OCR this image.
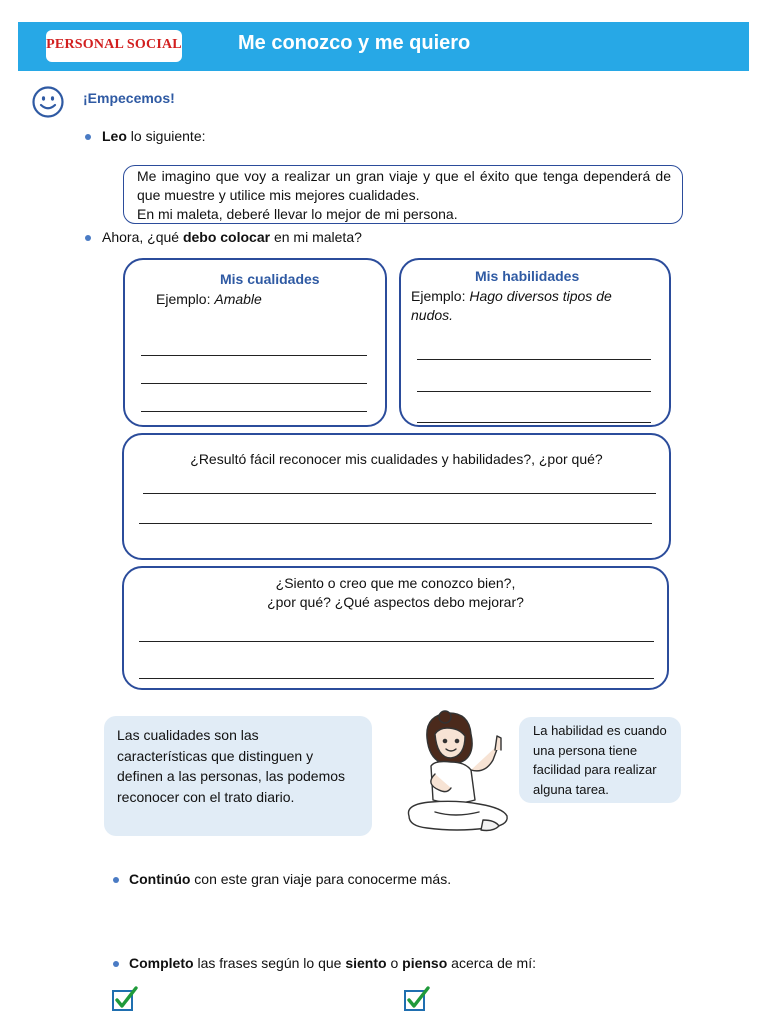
PERSONAL SOCIAL	Me conozco y me quiero
¡Empecemos!
Leo lo siguiente:

Me imagino que voy a realizar un gran viaje y que el éxito que tenga dependerá de que muestre y utilice mis mejores cualidades.

En mi maleta, deberé llevar lo mejor de mi persona.

Ahora, ¿qué debo colocar en mi maleta?
Mis cualidades
Ejemplo: Amable
Mis habilidades
Ejemplo: Hago diversos tipos de nudos.
¿Resultó fácil reconocer mis cualidades y habilidades?, ¿por qué?
¿Siento o creo que me conozco bien?, ¿por qué? ¿Qué aspectos debo mejorar?
Las cualidades son las características que distinguen y definen a las personas, las podemos reconocer con el trato diario.
La habilidad es cuando una persona tiene facilidad para realizar alguna tarea.
Continúo con este gran viaje para conocerme más.
Completo las frases según lo que siento o pienso acerca de mí:
